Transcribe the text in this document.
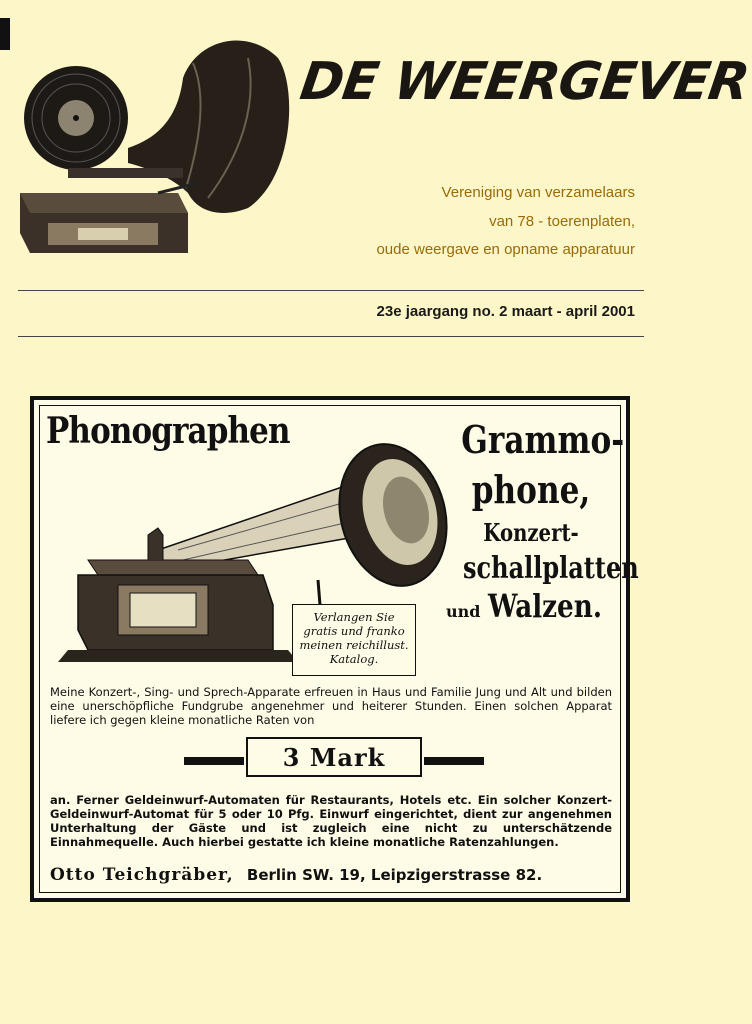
DE WEERGEVER
Vereniging van verzamelaars
van 78 - toerenplaten,
oude weergave en opname apparatuur
23e jaargang no. 2 maart - april 2001
Phonographen	Grammo-
phone,
Konzert-
schallplatten
und Walzen.
Verlangen Sie
gratis und franko
meinen reichillust.
Katalog.
Meine Konzert-, Sing- und Sprech-Apparate erfreuen in Haus und Familie Jung und Alt und bilden eine unerschöpfliche Fundgrube angenehmer und heiterer Stunden. Einen solchen Apparat liefere ich gegen kleine monatliche Raten von
3 Mark
an. Ferner Geldeinwurf-Automaten für Restaurants, Hotels etc. Ein solcher Konzert-Geldeinwurf-Automat für 5 oder 10 Pfg. Einwurf eingerichtet, dient zur angenehmen Unterhaltung der Gäste und ist zugleich eine nicht zu unterschätzende Einnahmequelle. Auch hierbei gestatte ich kleine monatliche Ratenzahlungen.
Otto Teichgräber, Berlin SW. 19, Leipzigerstrasse 82.
